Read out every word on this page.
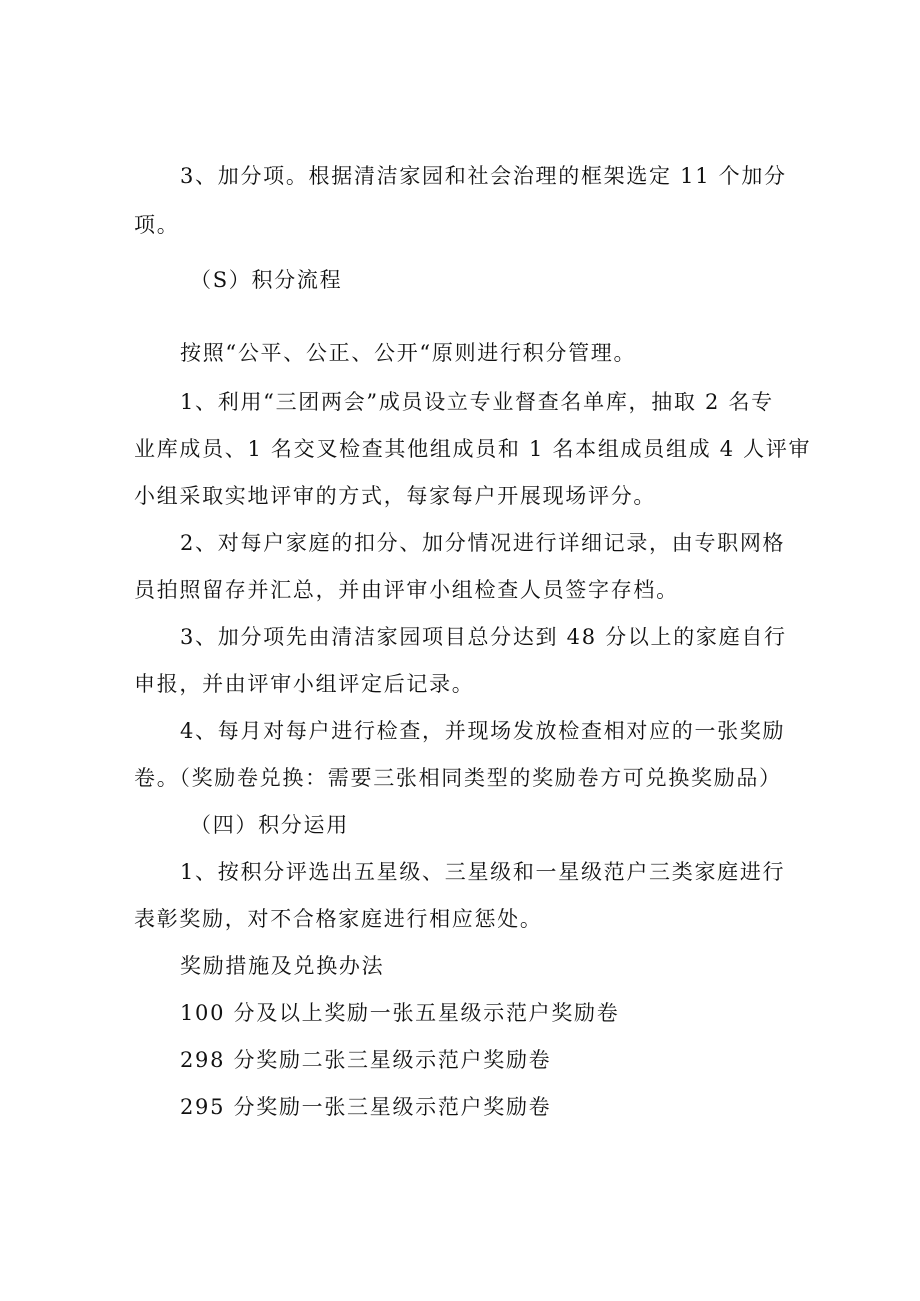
3、加分项。根据清洁家园和社会治理的框架选定 11 个加分
项。
（S）积分流程
按照“公平、公正、公开“原则进行积分管理。
1、利用“三团两会”成员设立专业督查名单库，抽取 2 名专
业库成员、1 名交叉检查其他组成员和 1 名本组成员组成 4 人评审
小组采取实地评审的方式，每家每户开展现场评分。
2、对每户家庭的扣分、加分情况进行详细记录，由专职网格
员拍照留存并汇总，并由评审小组检查人员签字存档。
3、加分项先由清洁家园项目总分达到 48 分以上的家庭自行
申报，并由评审小组评定后记录。
4、每月对每户进行检查，并现场发放检查相对应的一张奖励
卷。（奖励卷兑换：需要三张相同类型的奖励卷方可兑换奖励品）
（四）积分运用
1、按积分评选出五星级、三星级和一星级范户三类家庭进行
表彰奖励，对不合格家庭进行相应惩处。
奖励措施及兑换办法
100 分及以上奖励一张五星级示范户奖励卷
298 分奖励二张三星级示范户奖励卷
295 分奖励一张三星级示范户奖励卷
